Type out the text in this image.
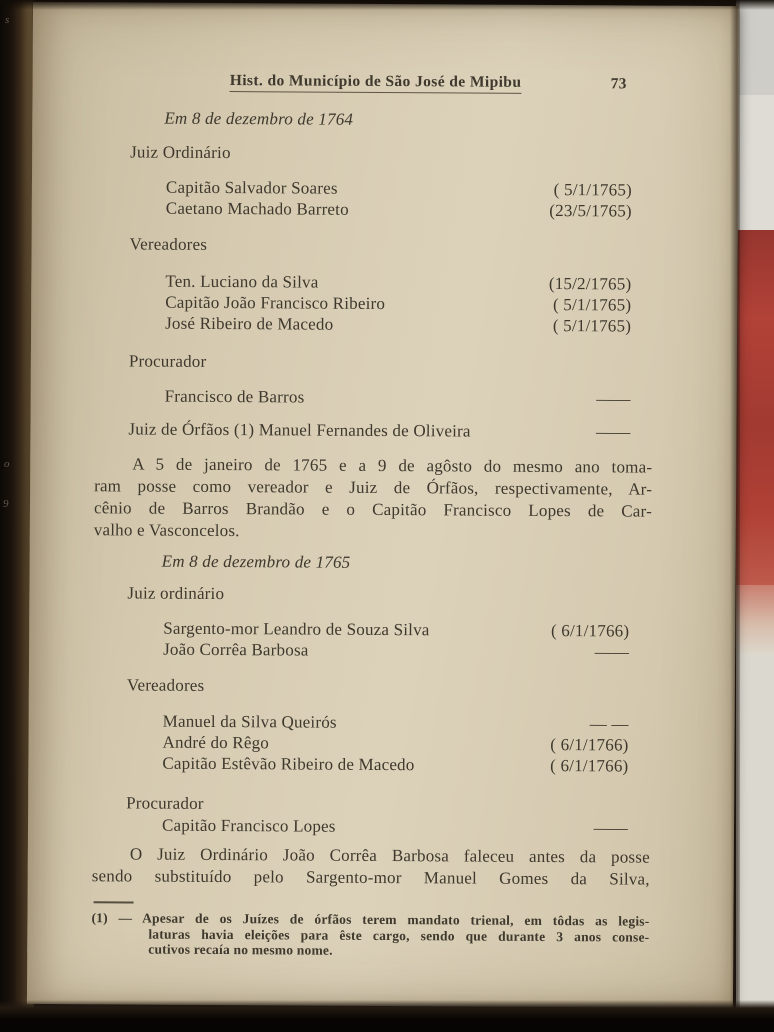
s
o
9
Hist. do Município de São José de Mipibu	73
Em 8 de dezembro de 1764
Juiz Ordinário
Capitão Salvador Soares	( 5/1/1765)
Caetano Machado Barreto	(23/5/1765)
Vereadores
Ten. Luciano da Silva	(15/2/1765)
Capitão João Francisco Ribeiro	( 5/1/1765)
José Ribeiro de Macedo	( 5/1/1765)
Procurador
Francisco de Barros	——
Juiz de Órfãos (1) Manuel Fernandes de Oliveira	——
A 5 de janeiro de 1765 e a 9 de agôsto do mesmo ano toma-
ram posse como vereador e Juiz de Órfãos, respectivamente, Ar-
cênio de Barros Brandão e o Capitão Francisco Lopes de Car-
valho e Vasconcelos.
Em 8 de dezembro de 1765
Juiz ordinário
Sargento-mor Leandro de Souza Silva	( 6/1/1766)
João Corrêa Barbosa	——
Vereadores
Manuel da Silva Queirós	— —
André do Rêgo	( 6/1/1766)
Capitão Estêvão Ribeiro de Macedo	( 6/1/1766)
Procurador
Capitão Francisco Lopes	——
O Juiz Ordinário João Corrêa Barbosa faleceu antes da posse
sendo substituído pelo Sargento-mor Manuel Gomes da Silva,
(1) — Apesar de os Juízes de órfãos terem mandato trienal, em tôdas as legis-
laturas havia eleições para êste cargo, sendo que durante 3 anos conse-
cutivos recaía no mesmo nome.
